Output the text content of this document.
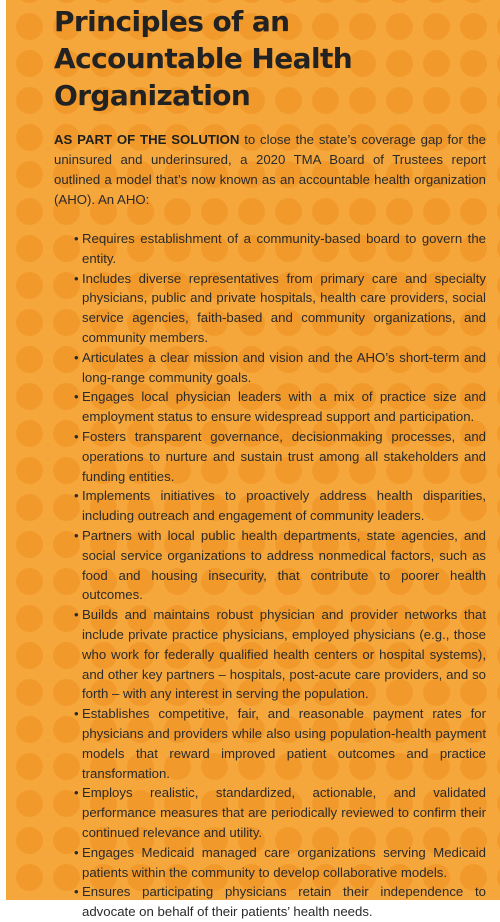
Principles of an Accountable Health Organization

AS PART OF THE SOLUTION to close the state’s coverage gap for the uninsured and underinsured, a 2020 TMA Board of Trustees report outlined a model that’s now known as an accountable health organization (AHO). An AHO:

• Requires establishment of a community-based board to govern the entity.
• Includes diverse representatives from primary care and specialty physicians, public and private hospitals, health care providers, social service agencies, faith-based and community organizations, and community members.
• Articulates a clear mission and vision and the AHO’s short-term and long-range community goals.
• Engages local physician leaders with a mix of practice size and employment status to ensure widespread support and participation.
• Fosters transparent governance, decisionmaking processes, and operations to nurture and sustain trust among all stakeholders and funding entities.
• Implements initiatives to proactively address health disparities, including outreach and engagement of community leaders.
• Partners with local public health departments, state agencies, and social service organizations to address nonmedical factors, such as food and housing insecurity, that contribute to poorer health outcomes.
• Builds and maintains robust physician and provider networks that include private practice physicians, employed physicians (e.g., those who work for federally qualified health centers or hospital systems), and other key partners – hospitals, post-acute care providers, and so forth – with any interest in serving the population.
• Establishes competitive, fair, and reasonable payment rates for physicians and providers while also using population-health payment models that reward improved patient outcomes and practice transformation.
• Employs realistic, standardized, actionable, and validated performance measures that are periodically reviewed to confirm their continued relevance and utility.
• Engages Medicaid managed care organizations serving Medicaid patients within the community to develop collaborative models.
• Ensures participating physicians retain their independence to advocate on behalf of their patients’ health needs.
